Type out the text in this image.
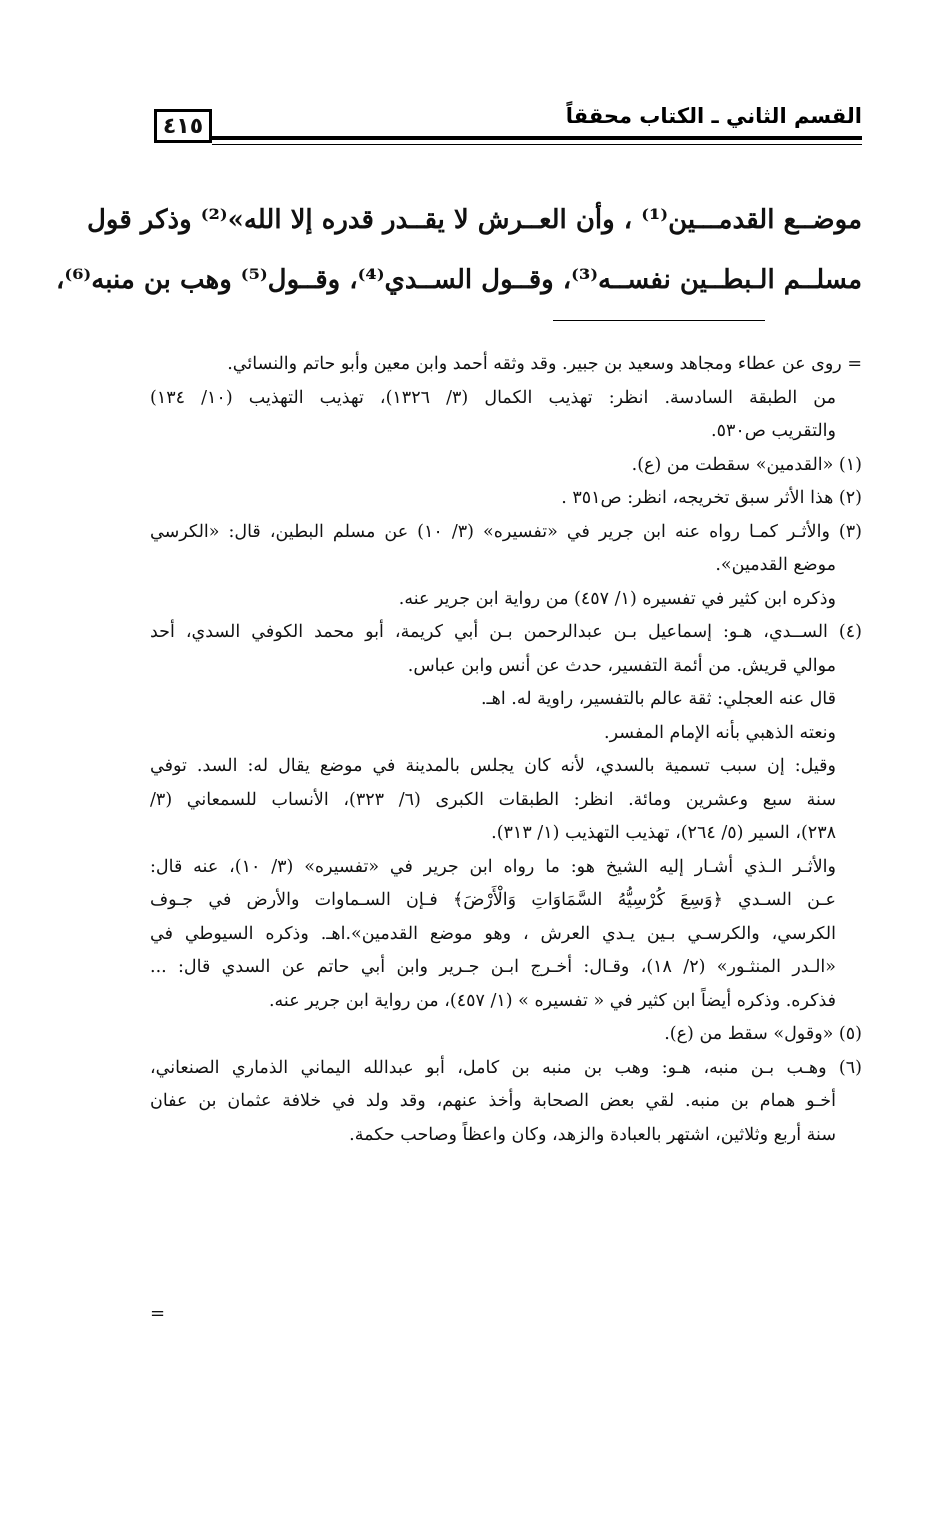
القسم الثاني ـ الكتاب محققاً
٤١٥
موضــع القدمـــين⁽¹⁾ ، وأن العــرش لا يقــدر قدره إلا الله»⁽²⁾ وذكر قول
مسلــم الـبطــين نفســه⁽³⁾، وقــول الســدي⁽⁴⁾، وقــول⁽⁵⁾ وهب بن منبه⁽⁶⁾،
= روى عن عطاء ومجاهد وسعيد بن جبير. وقد وثقه أحمد وابن معين وأبو حاتم والنسائي.
من الطبقة السادسة. انظر: تهذيب الكمال (٣/ ١٣٢٦)، تهذيب التهذيب (١٠/ ١٣٤)
والتقريب ص٥٣٠.
(١) «القدمين» سقطت من (ع).
(٢) هذا الأثر سبق تخريجه، انظر: ص٣٥١ .
(٣) والأثـر كمـا رواه عنه ابن جرير في «تفسيره» (٣/ ١٠) عن مسلم البطين، قال: «الكرسي
موضع القدمين».
وذكره ابن كثير في تفسيره (١/ ٤٥٧) من رواية ابن جرير عنه.
(٤) الســدي، هـو: إسماعيل بـن عبدالرحمن بـن أبي كريمة، أبو محمد الكوفي السدي، أحد
موالي قريش. من أئمة التفسير، حدث عن أنس وابن عباس.
قال عنه العجلي: ثقة عالم بالتفسير، راوية له. اهـ.
ونعته الذهبي بأنه الإمام المفسر.
وقيل: إن سبب تسمية بالسدي، لأنه كان يجلس بالمدينة في موضع يقال له: السد. توفي
سنة سبع وعشرين ومائة. انظر: الطبقات الكبرى (٦/ ٣٢٣)، الأنساب للسمعاني (٣/
٢٣٨)، السير (٥/ ٢٦٤)، تهذيب التهذيب (١/ ٣١٣).
والأثـر الـذي أشـار إليه الشيخ هو: ما رواه ابن جرير في «تفسيره» (٣/ ١٠)، عنه قال:
عـن السـدي ﴿وَسِعَ كُرْسِيُّهُ السَّمَاوَاتِ وَالْأَرْضَ﴾ فـإن السـماوات والأرض في جـوف
الكرسي، والكرسـي بـين يـدي العرش ، وهو موضع القدمين».اهـ. وذكره السيوطي في
«الـدر المنثـور» (٢/ ١٨)، وقـال: أخـرج ابـن جـرير وابن أبي حاتم عن السدي قال: ...
فذكره. وذكره أيضاً ابن كثير في « تفسيره » (١/ ٤٥٧)، من رواية ابن جرير عنه.
(٥) «وقول» سقط من (ع).
(٦) وهـب بـن منبه، هـو: وهب بن منبه بن كامل، أبو عبدالله اليماني الذماري الصنعاني،
أخـو همام بن منبه. لقي بعض الصحابة وأخذ عنهم، وقد ولد في خلافة عثمان بن عفان
سنة أربع وثلاثين، اشتهر بالعبادة والزهد، وكان واعظاً وصاحب حكمة.
=
